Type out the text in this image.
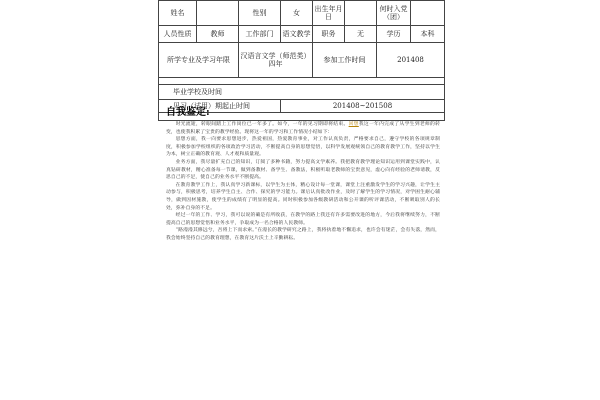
姓名		性别	女	出生年月日		何时入党（团）	
人员性质	教师	工作部门	语文教学	职务	无	学历	本科
所学专业及学习年限		汉语言文学（师范类）四年		参加工作时间		201408	

毕业学校及时间							
见习（试用）期起止时间			201408~201508				

自我鉴定:

时光流逝，转眼间踏上工作岗位已一年多了。如今，一年的见习期即将结束。回想我这一年内完成了从学生到老师的转变，也使我积累了宝贵的教学经验。现将这一年的学习和工作情况小结如下：

思想方面，我一向要求思想进步，热爱祖国，热爱教育事业，对工作认真负责，严格要求自己，遵守学校的各项规章制度，积极参加学校组织的各项政治学习活动，不断提高自身的思想觉悟，以科学发展观统领自己的教育教学工作，坚持以学生为本，树立正确的教育观、人才观和质量观。

业务方面，我尽量扩充自己的知识，订阅了多种书籍，努力提高文学素养。我把教育教学理论知识运用到课堂实践中，认真钻研教材，精心准备每一节课，做到备教材、备学生、备教法，积极听取老教师的宝贵意见，虚心向有经验的老师请教，反思自己的不足，使自己的业务水平不断提高。

在教育教学工作上，我认真学习新课标，以学生为主体，精心设计每一堂课，课堂上注重激发学生的学习兴趣，让学生主动参与，积极思考，培养学生自主、合作、探究的学习能力。课后认真批改作业，及时了解学生的学习情况，对学困生耐心辅导，做到因材施教，使学生的成绩有了明显的提高。同时积极参加各级教研活动和公开课的听评课活动，不断吸取别人的长处，弥补自身的不足。

经过一年的工作、学习，我可以说的确是有所收获，在教学的路上我还有许多需要改进的地方，今后我将继续努力，不断提高自己的思想觉悟和业务水平，争取成为一名合格的人民教师。

“路漫漫其修远兮，吾将上下而求索。”在漫长的教学研究之路上，我将执着地不懈追求，也许会有迷茫，会有失落，然而，我会始终坚持自己的教育理想，在教育这片沃土上辛勤耕耘。
